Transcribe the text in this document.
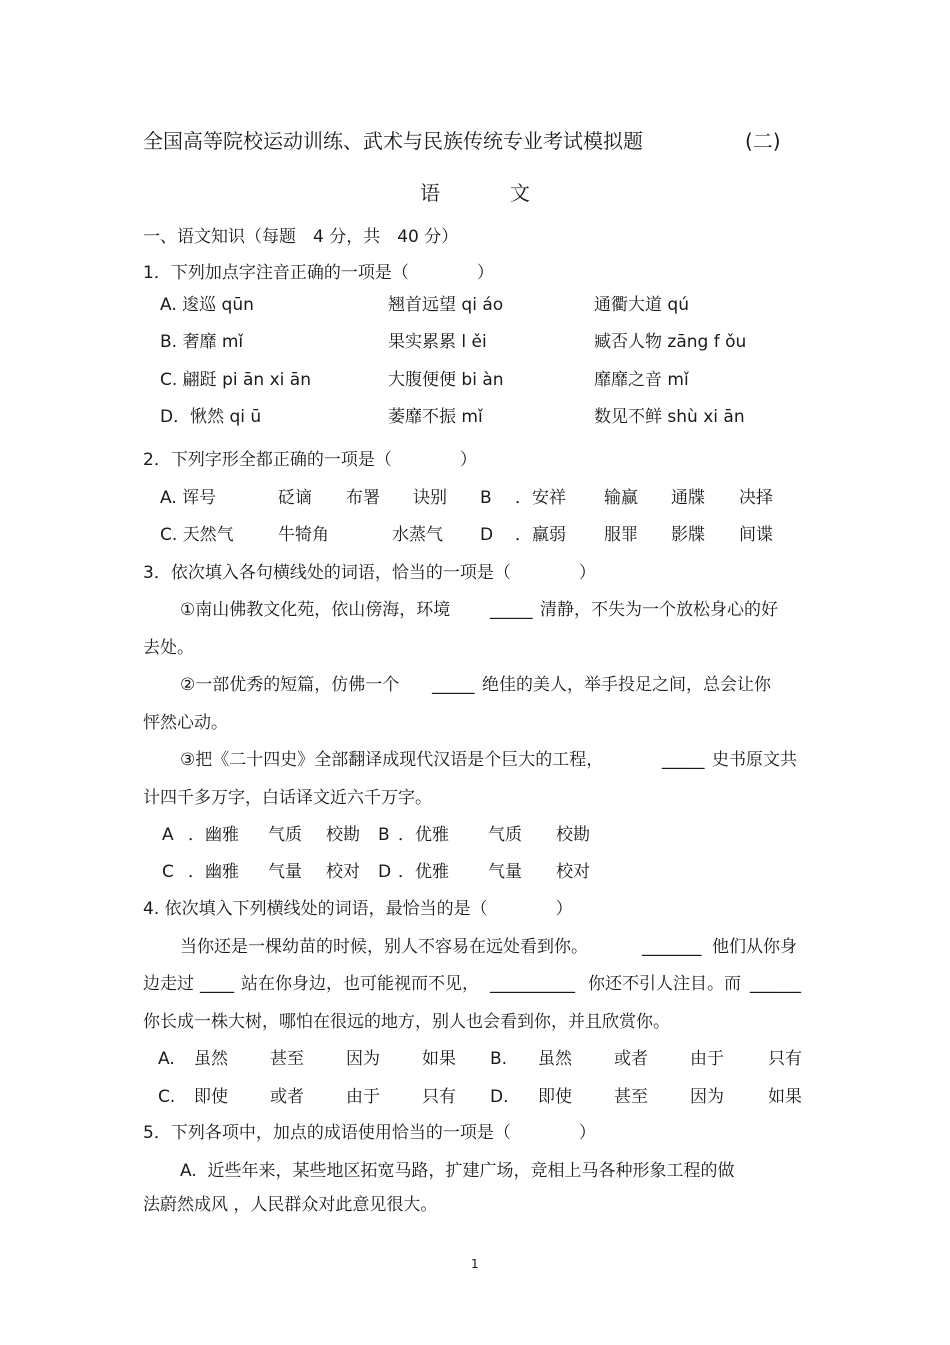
全国高等院校运动训练、武术与民族传统专业考试模拟题	(二)
语	文
一、语文知识（每题　4 分，共　40 分）
1．下列加点字注音正确的一项是（　　　　）
A. 逡巡 qūn	翘首远望 qi áo	通衢大道 qú
B. 奢靡 mǐ	果实累累 l ěi	臧否人物 zāng f ǒu
C. 翩跹 pi ān xi ān	大腹便便 bi àn	靡靡之音 mǐ
D．愀然 qi ū	萎靡不振 mǐ	数见不鲜 shù xi ān
2．下列字形全都正确的一项是（　　　　）
A. 诨号	砭谪 布署 诀别 B ．安祥 输赢 通牒 决择
C. 天然气	牛犄角	水蒸气 D ．羸弱 服罪 影牒 间谍
3．依次填入各句横线处的词语，恰当的一项是（　　　　）
①南山佛教文化苑，依山傍海，环境 _____ 清静，不失为一个放松身心的好
去处。
②一部优秀的短篇，仿佛一个 _____ 绝佳的美人，举手投足之间，总会让你
怦然心动。
③把《二十四史》全部翻译成现代汉语是个巨大的工程，	_____ 史书原文共
计四千多万字，白话译文近六千万字。
A ．幽雅 气质 校勘 B ．优雅 气质 校勘
C ．幽雅 气量 校对 D ．优雅 气量 校对
4. 依次填入下列横线处的词语，最恰当的是（　　　　）
当你还是一棵幼苗的时候，别人不容易在远处看到你。	_______ 他们从你身
边走过 ____ 站在你身边，也可能视而不见， __________ 你还不引人注目。而 ______
你长成一株大树，哪怕在很远的地方，别人也会看到你，并且欣赏你。
A. 虽然 甚至 因为 如果 B. 虽然 或者 由于	只有
C. 即使 或者 由于 只有 D. 即使 甚至 因为	如果
5．下列各项中，加点的成语使用恰当的一项是（　　　　）
A.  近些年来，某些地区拓宽马路，扩建广场，竞相上马各种形象工程的做
法蔚然成风 ，人民群众对此意见很大。
1
